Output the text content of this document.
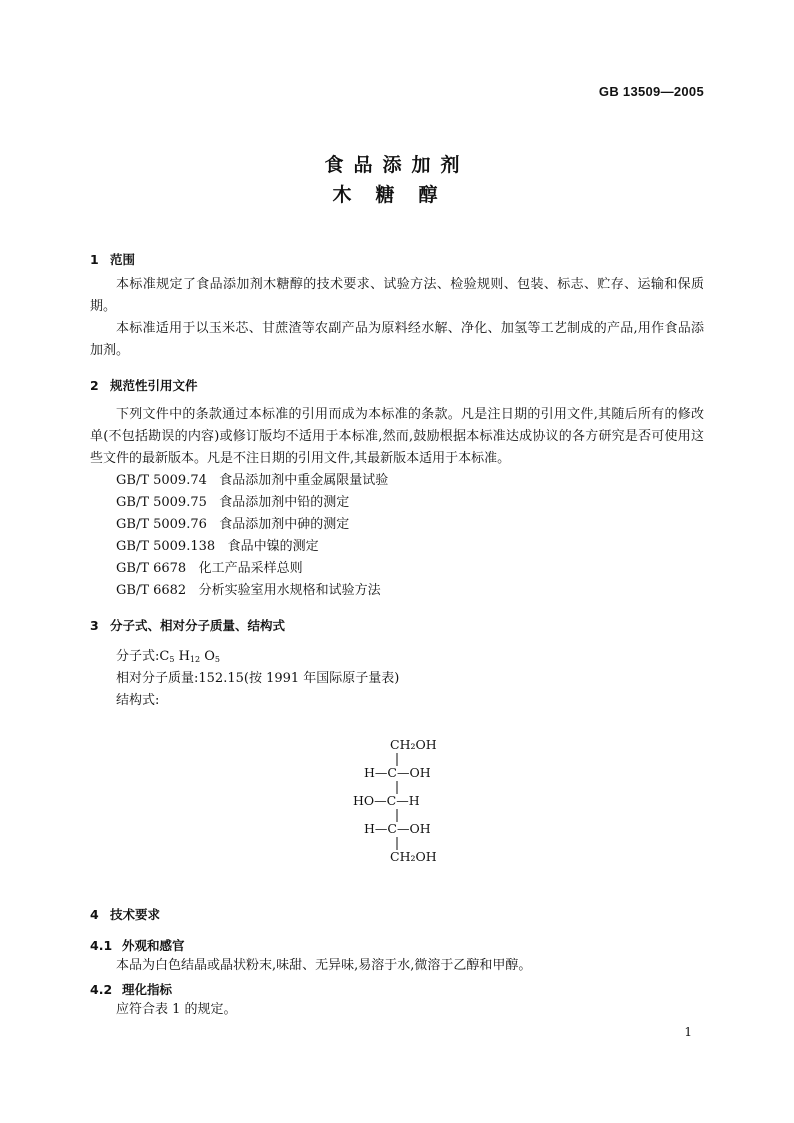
GB 13509—2005
食品添加剂
木糖醇
1 范围
本标准规定了食品添加剂木糖醇的技术要求、试验方法、检验规则、包装、标志、贮存、运输和保质期。
本标准适用于以玉米芯、甘蔗渣等农副产品为原料经水解、净化、加氢等工艺制成的产品,用作食品添加剂。
2 规范性引用文件
下列文件中的条款通过本标准的引用而成为本标准的条款。凡是注日期的引用文件,其随后所有的修改单(不包括勘误的内容)或修订版均不适用于本标准,然而,鼓励根据本标准达成协议的各方研究是否可使用这些文件的最新版本。凡是不注日期的引用文件,其最新版本适用于本标准。
GB/T 5009.74 食品添加剂中重金属限量试验
GB/T 5009.75 食品添加剂中铅的测定
GB/T 5009.76 食品添加剂中砷的测定
GB/T 5009.138 食品中镍的测定
GB/T 6678 化工产品采样总则
GB/T 6682 分析实验室用水规格和试验方法
3 分子式、相对分子质量、结构式
分子式$:C_5$ $H_{12}$ $O_5$
相对分子质量:152.15(按 1991 年国际原子量表)
结构式:
CH₂OH
H—C—OH
HO—C—H
H—C—OH
CH₂OH
4 技术要求
4.1 外观和感官
本品为白色结晶或晶状粉末,味甜、无异味,易溶于水,微溶于乙醇和甲醇。
4.2 理化指标
应符合表 1 的规定。
1
